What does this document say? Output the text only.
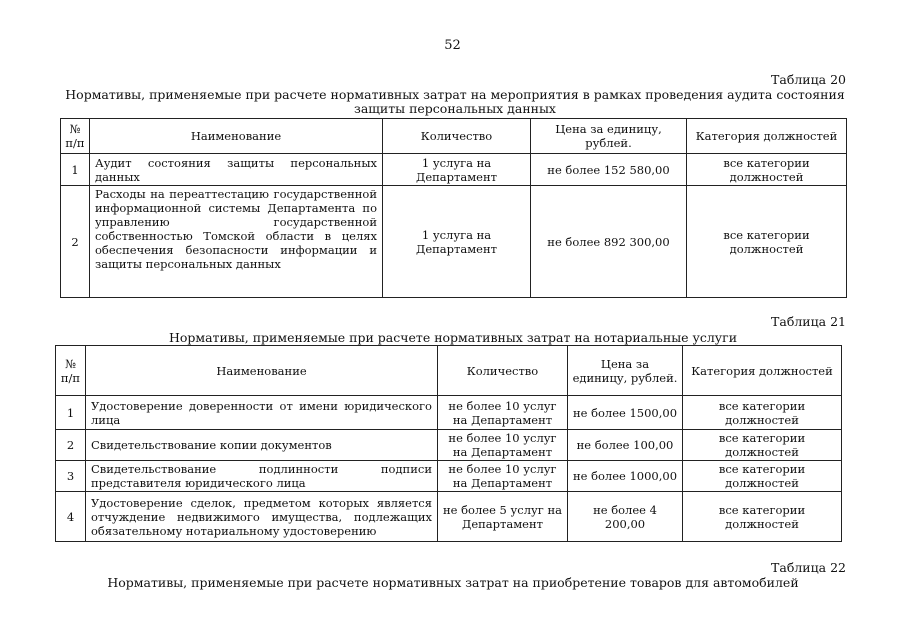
52
Таблица 20
Нормативы, применяемые при расчете нормативных затрат на мероприятия в рамках проведения аудита состояния защиты персональных данных
№ п/п	Наименование	Количество	Цена за единицу, рублей.	Категория должностей
1	Аудит состояния защиты персональных данных	1 услуга на Департамент	не более 152 580,00	все категории должностей
2	Расходы на переаттестацию государственной информационной системы Департамента по управлению государственной собственностью Томской области в целях обеспечения безопасности информации и защиты персональных данных	1 услуга на Департамент	не более 892 300,00	все категории должностей
Таблица 21
Нормативы, применяемые при расчете нормативных затрат на нотариальные услуги
№ п/п	Наименование	Количество	Цена за единицу, рублей.	Категория должностей
1	Удостоверение доверенности от имени юридического лица	не более 10 услуг на Департамент	не более 1500,00	все категории должностей
2	Свидетельствование копии документов	не более 10 услуг на Департамент	не более 100,00	все категории должностей
3	Свидетельствование подлинности подписи представителя юридического лица	не более 10 услуг на Департамент	не более 1000,00	все категории должностей
4	Удостоверение сделок, предметом которых является отчуждение недвижимого имущества, подлежащих обязательному нотариальному удостоверению	не более 5 услуг на Департамент	не более 4 200,00	все категории должностей
Таблица 22
Нормативы, применяемые при расчете нормативных затрат на приобретение товаров для автомобилей
